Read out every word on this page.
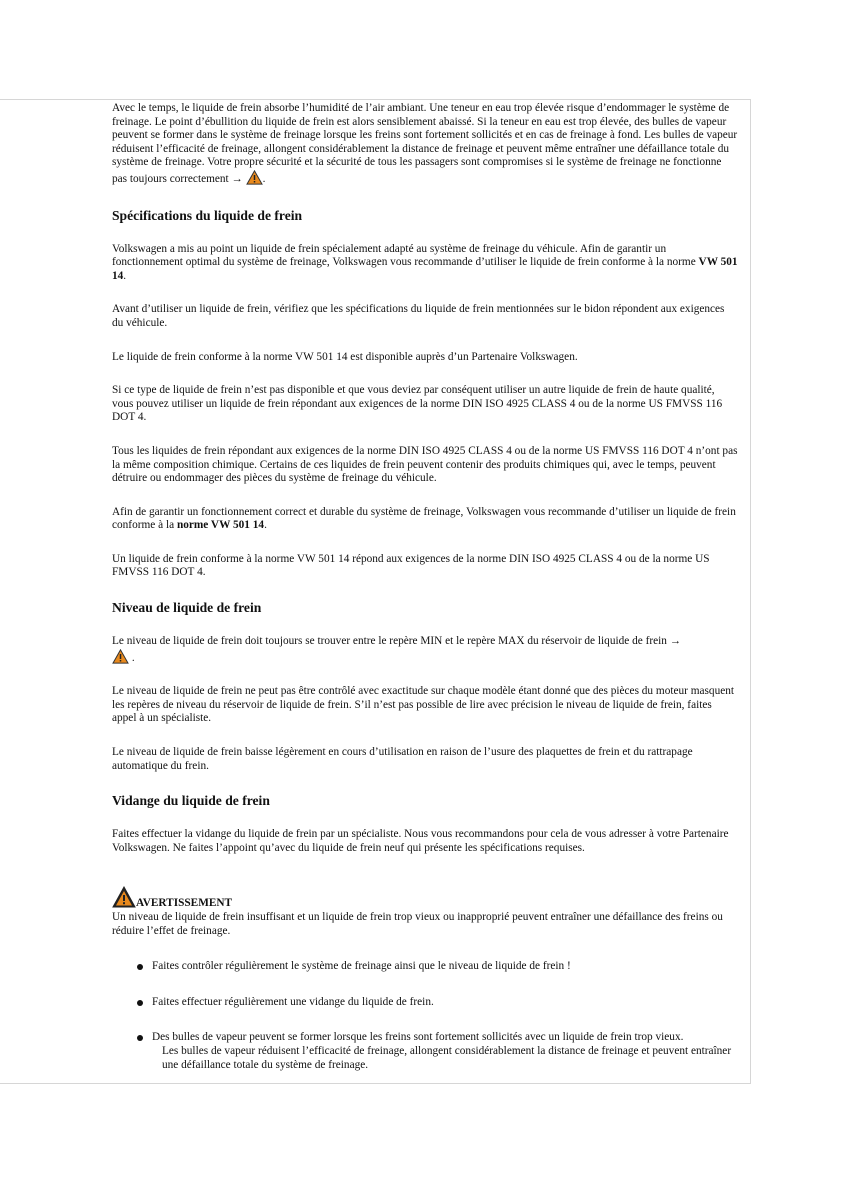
Avec le temps, le liquide de frein absorbe l’humidité de l’air ambiant. Une teneur en eau trop élevée risque d’endommager le système de freinage. Le point d’ébullition du liquide de frein est alors sensiblement abaissé. Si la teneur en eau est trop élevée, des bulles de vapeur peuvent se former dans le système de freinage lorsque les freins sont fortement sollicités et en cas de freinage à fond. Les bulles de vapeur réduisent l’efficacité de freinage, allongent considérablement la distance de freinage et peuvent même entraîner une défaillance totale du système de freinage. Votre propre sécurité et la sécurité de tous les passagers sont compromises si le système de freinage ne fonctionne pas toujours correctement → .

Spécifications du liquide de frein

Volkswagen a mis au point un liquide de frein spécialement adapté au système de freinage du véhicule. Afin de garantir un fonctionnement optimal du système de freinage, Volkswagen vous recommande d’utiliser le liquide de frein conforme à la norme VW 501 14.

Avant d’utiliser un liquide de frein, vérifiez que les spécifications du liquide de frein mentionnées sur le bidon répondent aux exigences du véhicule.

Le liquide de frein conforme à la norme VW 501 14 est disponible auprès d’un Partenaire Volkswagen.

Si ce type de liquide de frein n’est pas disponible et que vous deviez par conséquent utiliser un autre liquide de frein de haute qualité, vous pouvez utiliser un liquide de frein répondant aux exigences de la norme DIN ISO 4925 CLASS 4 ou de la norme US FMVSS 116 DOT 4.

Tous les liquides de frein répondant aux exigences de la norme DIN ISO 4925 CLASS 4 ou de la norme US FMVSS 116 DOT 4 n’ont pas la même composition chimique. Certains de ces liquides de frein peuvent contenir des produits chimiques qui, avec le temps, peuvent détruire ou endommager des pièces du système de freinage du véhicule.

Afin de garantir un fonctionnement correct et durable du système de freinage, Volkswagen vous recommande d’utiliser un liquide de frein conforme à la norme VW 501 14.

Un liquide de frein conforme à la norme VW 501 14 répond aux exigences de la norme DIN ISO 4925 CLASS 4 ou de la norme US FMVSS 116 DOT 4.

Niveau de liquide de frein

Le niveau de liquide de frein doit toujours se trouver entre le repère MIN et le repère MAX du réservoir de liquide de frein →
.

Le niveau de liquide de frein ne peut pas être contrôlé avec exactitude sur chaque modèle étant donné que des pièces du moteur masquent les repères de niveau du réservoir de liquide de frein. S’il n’est pas possible de lire avec précision le niveau de liquide de frein, faites appel à un spécialiste.

Le niveau de liquide de frein baisse légèrement en cours d’utilisation en raison de l’usure des plaquettes de frein et du rattrapage automatique du frein.

Vidange du liquide de frein

Faites effectuer la vidange du liquide de frein par un spécialiste. Nous vous recommandons pour cela de vous adresser à votre Partenaire Volkswagen. Ne faites l’appoint qu’avec du liquide de frein neuf qui présente les spécifications requises.

AVERTISSEMENT

Un niveau de liquide de frein insuffisant et un liquide de frein trop vieux ou inapproprié peuvent entraîner une défaillance des freins ou réduire l’effet de freinage.

Faites contrôler régulièrement le système de freinage ainsi que le niveau de liquide de frein !
Faites effectuer régulièrement une vidange du liquide de frein.
Des bulles de vapeur peuvent se former lorsque les freins sont fortement sollicités avec un liquide de frein trop vieux.
Les bulles de vapeur réduisent l’efficacité de freinage, allongent considérablement la distance de freinage et peuvent entraîner une défaillance totale du système de freinage.
